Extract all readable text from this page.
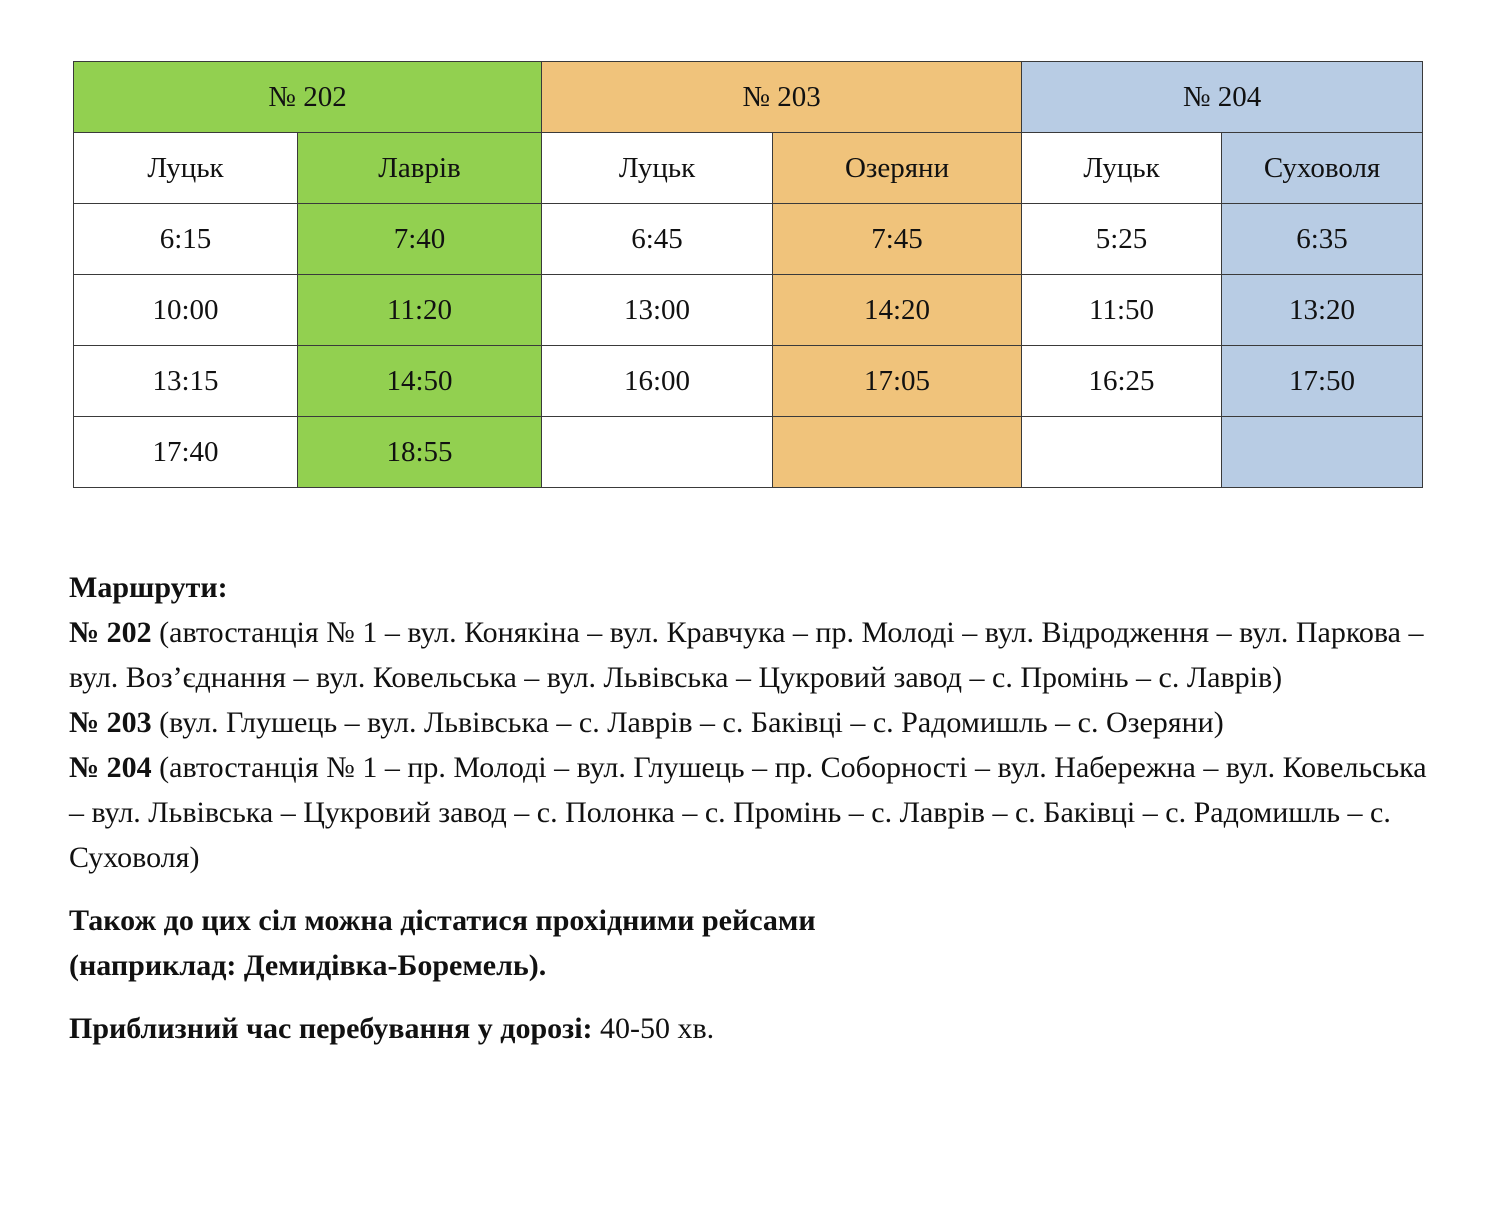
№ 202		№ 203		№ 204	
Луцьк	Лаврів	Луцьк	Озеряни	Луцьк	Суховоля
6:15	7:40	6:45	7:45	5:25	6:35
10:00	11:20	13:00	14:20	11:50	13:20
13:15	14:50	16:00	17:05	16:25	17:50
17:40	18:55				

Маршрути:

№ 202 (автостанція № 1 – вул. Конякіна – вул. Кравчука – пр. Молоді – вул. Відродження – вул. Паркова – вул. Воз’єднання – вул. Ковельська – вул. Львівська – Цукровий завод – с. Промінь – с. Лаврів)

№ 203 (вул. Глушець – вул. Львівська – с. Лаврів – с. Баківці – с. Радомишль – с. Озеряни)

№ 204 (автостанція № 1 – пр. Молоді – вул. Глушець – пр. Соборності – вул. Набережна – вул. Ковельська – вул. Львівська – Цукровий завод – с. Полонка – с. Промінь – с. Лаврів – с. Баківці – с. Радомишль – с. Суховоля)

Також до цих сіл можна дістатися прохідними рейсами

(наприклад: Демидівка-Боремель).

Приблизний час перебування у дорозі: 40-50 хв.
